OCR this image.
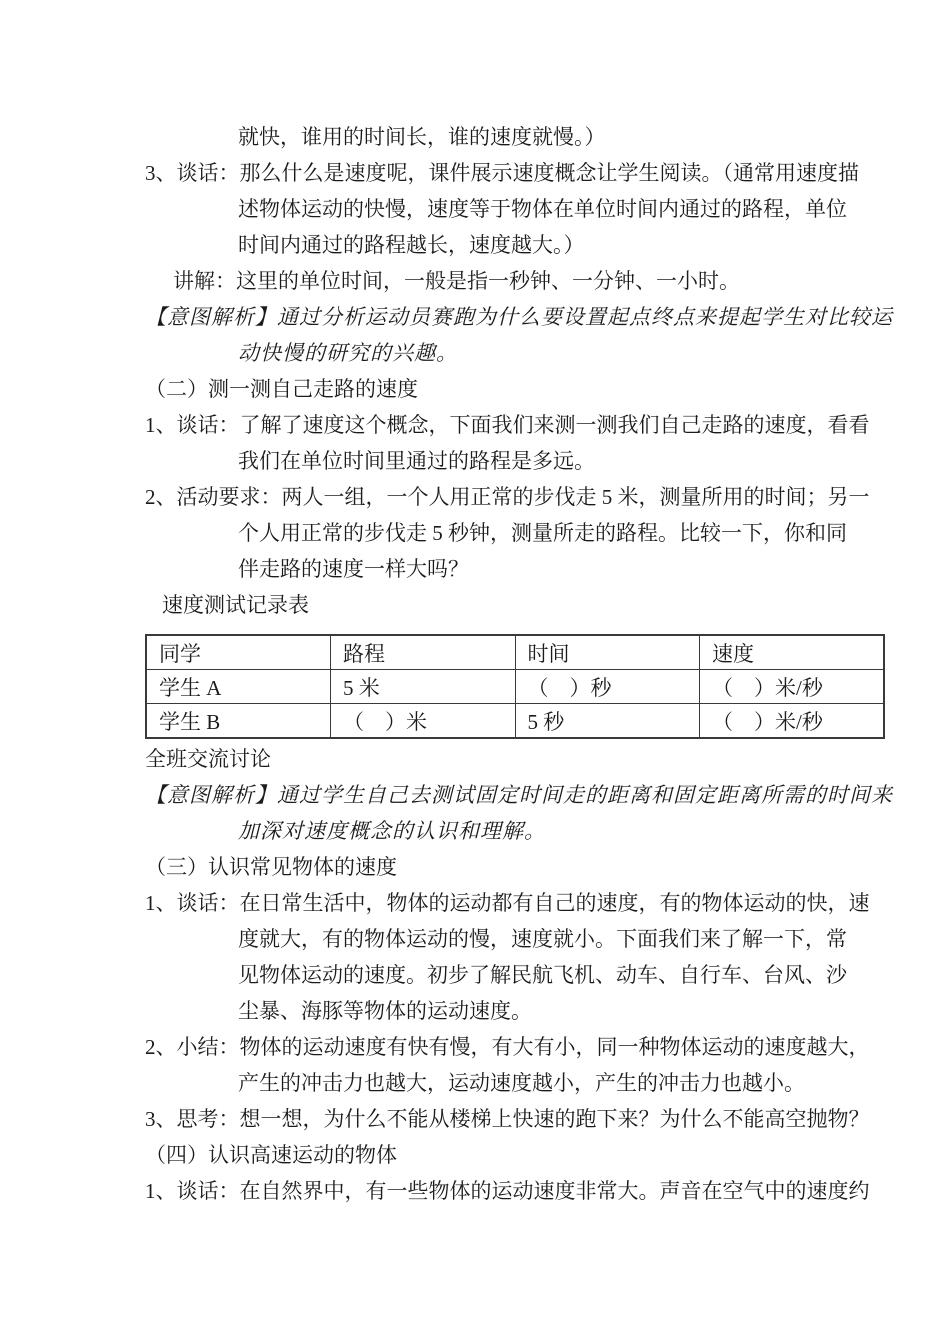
就快，谁用的时间长，谁的速度就慢。）
3、谈话：那么什么是速度呢，课件展示速度概念让学生阅读。（通常用速度描
述物体运动的快慢，速度等于物体在单位时间内通过的路程，单位
时间内通过的路程越长，速度越大。）
讲解：这里的单位时间，一般是指一秒钟、一分钟、一小时。
【意图解析】通过分析运动员赛跑为什么要设置起点终点来提起学生对比较运
动快慢的研究的兴趣。
（二）测一测自己走路的速度
1、谈话：了解了速度这个概念，下面我们来测一测我们自己走路的速度，看看
我们在单位时间里通过的路程是多远。
2、活动要求：两人一组，一个人用正常的步伐走 5 米，测量所用的时间；另一
个人用正常的步伐走 5 秒钟，测量所走的路程。比较一下，你和同
伴走路的速度一样大吗？
速度测试记录表
同学	路程	时间	速度
学生 A	5 米	（　）秒	（　）米/秒
学生 B	（　）米	5 秒	（　）米/秒
全班交流讨论
【意图解析】通过学生自己去测试固定时间走的距离和固定距离所需的时间来
加深对速度概念的认识和理解。
（三）认识常见物体的速度
1、谈话：在日常生活中，物体的运动都有自己的速度，有的物体运动的快，速
度就大，有的物体运动的慢，速度就小。下面我们来了解一下，常
见物体运动的速度。初步了解民航飞机、动车、自行车、台风、沙
尘暴、海豚等物体的运动速度。
2、小结：物体的运动速度有快有慢，有大有小，同一种物体运动的速度越大，
产生的冲击力也越大，运动速度越小，产生的冲击力也越小。
3、思考：想一想，为什么不能从楼梯上快速的跑下来？为什么不能高空抛物？
（四）认识高速运动的物体
1、谈话：在自然界中，有一些物体的运动速度非常大。声音在空气中的速度约
